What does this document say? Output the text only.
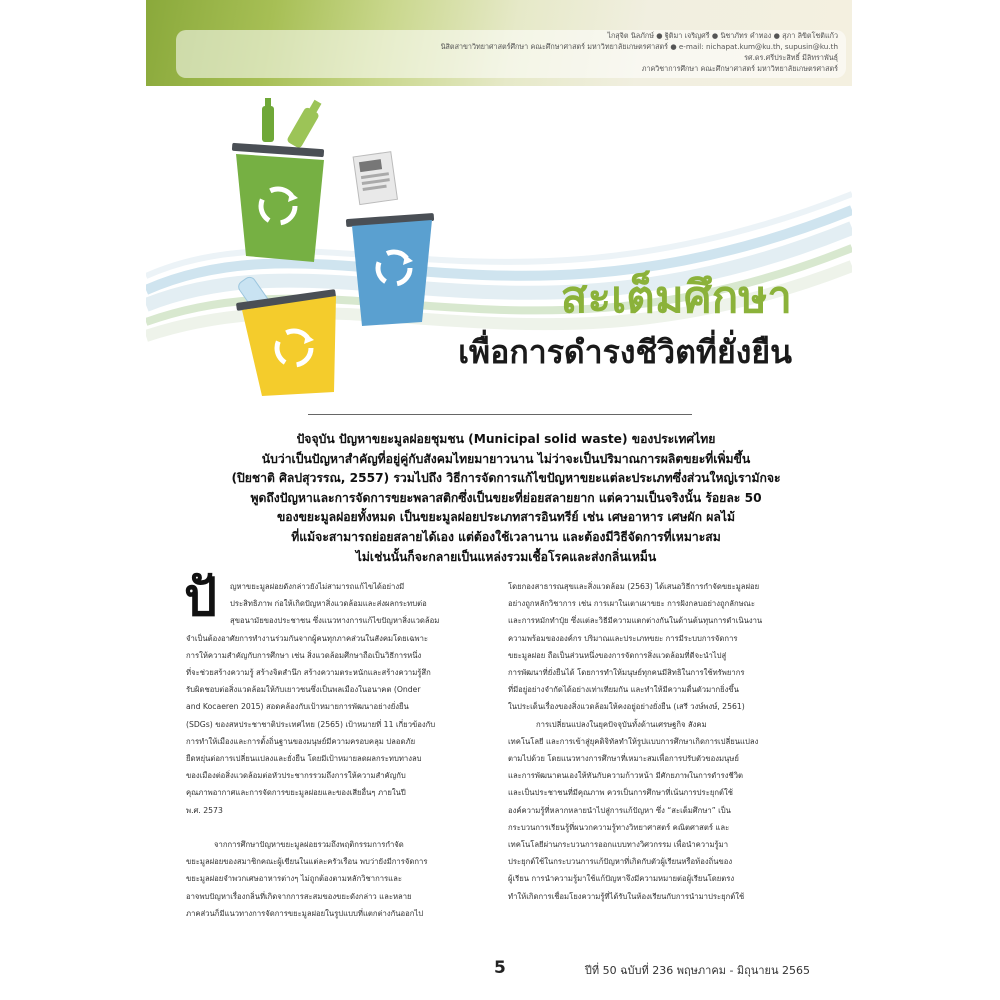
ไกสุจิต นิลภักษ์ ● ฐิติมา เจริญศรี ● นิชาภัทร คำทอง ● สุภา ลิขิตโชติแก้ว
นิสิตสาขาวิทยาศาสตร์ศึกษา คณะศึกษาศาสตร์ มหาวิทยาลัยเกษตรศาสตร์ ● e-mail: nichapat.kum@ku.th, supusin@ku.th
รศ.ดร.ศรีประสิทธิ์ มีลิทราพันธุ์
ภาควิชาการศึกษา คณะศึกษาศาสตร์ มหาวิทยาลัยเกษตรศาสตร์
สะเต็มศึกษา
เพื่อการดำรงชีวิตที่ยั่งยืน
ปัจจุบัน ปัญหาขยะมูลฝอยชุมชน (Municipal solid waste) ของประเทศไทย
นับว่าเป็นปัญหาสำคัญที่อยู่คู่กับสังคมไทยมายาวนาน ไม่ว่าจะเป็นปริมาณการผลิตขยะที่เพิ่มขึ้น
(ปิยชาติ ศิลปสุวรรณ, 2557) รวมไปถึง วิธีการจัดการแก้ไขปัญหาขยะแต่ละประเภทซึ่งส่วนใหญ่เรามักจะ
พูดถึงปัญหาและการจัดการขยะพลาสติกซึ่งเป็นขยะที่ย่อยสลายยาก แต่ความเป็นจริงนั้น ร้อยละ 50
ของขยะมูลฝอยทั้งหมด เป็นขยะมูลฝอยประเภทสารอินทรีย์ เช่น เศษอาหาร เศษผัก ผลไม้
ที่แม้จะสามารถย่อยสลายได้เอง แต่ต้องใช้เวลานาน และต้องมีวิธีจัดการที่เหมาะสม
ไม่เช่นนั้นก็จะกลายเป็นแหล่งรวมเชื้อโรคและส่งกลิ่นเหม็น
ปั	ญหาขยะมูลฝอยดังกล่าวยังไม่สามารถแก้ไขได้อย่างมี
ประสิทธิภาพ ก่อให้เกิดปัญหาสิ่งแวดล้อมและส่งผลกระทบต่อ
สุขอนามัยของประชาชน ซึ่งแนวทางการแก้ไขปัญหาสิ่งแวดล้อม
จำเป็นต้องอาศัยการทำงานร่วมกันจากผู้คนทุกภาคส่วนในสังคมโดยเฉพาะ
การให้ความสำคัญกับการศึกษา เช่น สิ่งแวดล้อมศึกษาถือเป็นวิธีการหนึ่ง
ที่จะช่วยสร้างความรู้ สร้างจิตสำนึก สร้างความตระหนักและสร้างความรู้สึก
รับผิดชอบต่อสิ่งแวดล้อมให้กับเยาวชนซึ่งเป็นพลเมืองในอนาคต (Onder
and Kocaeren 2015) สอดคล้องกับเป้าหมายการพัฒนาอย่างยั่งยืน
(SDGs) ของสหประชาชาติประเทศไทย (2565) เป้าหมายที่ 11 เกี่ยวข้องกับ
การทำให้เมืองและการตั้งถิ่นฐานของมนุษย์มีความครอบคลุม ปลอดภัย
ยืดหยุ่นต่อการเปลี่ยนแปลงและยั่งยืน โดยมีเป้าหมายลดผลกระทบทางลบ
ของเมืองต่อสิ่งแวดล้อมต่อหัวประชากรรวมถึงการให้ความสำคัญกับ
คุณภาพอากาศและการจัดการขยะมูลฝอยและของเสียอื่นๆ ภายในปี
พ.ศ. 2573

จากการศึกษาปัญหาขยะมูลฝอยรวมถึงพฤติกรรมการกำจัด
ขยะมูลฝอยของสมาชิกคณะผู้เขียนในแต่ละครัวเรือน พบว่ายังมีการจัดการ
ขยะมูลฝอยจำพวกเศษอาหารต่างๆ ไม่ถูกต้องตามหลักวิชาการและ
อาจพบปัญหาเรื่องกลิ่นที่เกิดจากการสะสมของขยะดังกล่าว และหลาย
ภาคส่วนก็มีแนวทางการจัดการขยะมูลฝอยในรูปแบบที่แตกต่างกันออกไป
โดยกองสาธารณสุขและสิ่งแวดล้อม (2563) ได้เสนอวิธีการกำจัดขยะมูลฝอย
อย่างถูกหลักวิชาการ เช่น การเผาในเตาเผาขยะ การฝังกลบอย่างถูกลักษณะ
และการหมักทำปุ๋ย ซึ่งแต่ละวิธีมีความแตกต่างกันในด้านต้นทุนการดำเนินงาน
ความพร้อมขององค์กร ปริมาณและประเภทขยะ การมีระบบการจัดการ
ขยะมูลฝอย ถือเป็นส่วนหนึ่งของการจัดการสิ่งแวดล้อมที่ดีจะนำไปสู่
การพัฒนาที่ยั่งยืนได้ โดยการทำให้มนุษย์ทุกคนมีสิทธิในการใช้ทรัพยากร
ที่มีอยู่อย่างจำกัดได้อย่างเท่าเทียมกัน และทำให้มีความตื่นตัวมากยิ่งขึ้น
ในประเด็นเรื่องของสิ่งแวดล้อมให้คงอยู่อย่างยั่งยืน (เสรี วงษ์พงษ์, 2561)
การเปลี่ยนแปลงในยุคปัจจุบันทั้งด้านเศรษฐกิจ สังคม
เทคโนโลยี และการเข้าสู่ยุคดิจิทัลทำให้รูปแบบการศึกษาเกิดการเปลี่ยนแปลง
ตามไปด้วย โดยแนวทางการศึกษาที่เหมาะสมเพื่อการปรับตัวของมนุษย์
และการพัฒนาตนเองให้ทันกับความก้าวหน้า มีศักยภาพในการดำรงชีวิต
และเป็นประชาชนที่มีคุณภาพ ควรเป็นการศึกษาที่เน้นการประยุกต์ใช้
องค์ความรู้ที่หลากหลายนำไปสู่การแก้ปัญหา ซึ่ง “สะเต็มศึกษา” เป็น
กระบวนการเรียนรู้ที่ผนวกความรู้ทางวิทยาศาสตร์ คณิตศาสตร์ และ
เทคโนโลยีผ่านกระบวนการออกแบบทางวิศวกรรม เพื่อนำความรู้มา
ประยุกต์ใช้ในกระบวนการแก้ปัญหาที่เกิดกับตัวผู้เรียนหรือท้องถิ่นของ
ผู้เรียน การนำความรู้มาใช้แก้ปัญหาจึงมีความหมายต่อผู้เรียนโดยตรง
ทำให้เกิดการเชื่อมโยงความรู้ที่ได้รับในห้องเรียนกับการนำมาประยุกต์ใช้
5	ปีที่ 50 ฉบับที่ 236 พฤษภาคม - มิถุนายน 2565
